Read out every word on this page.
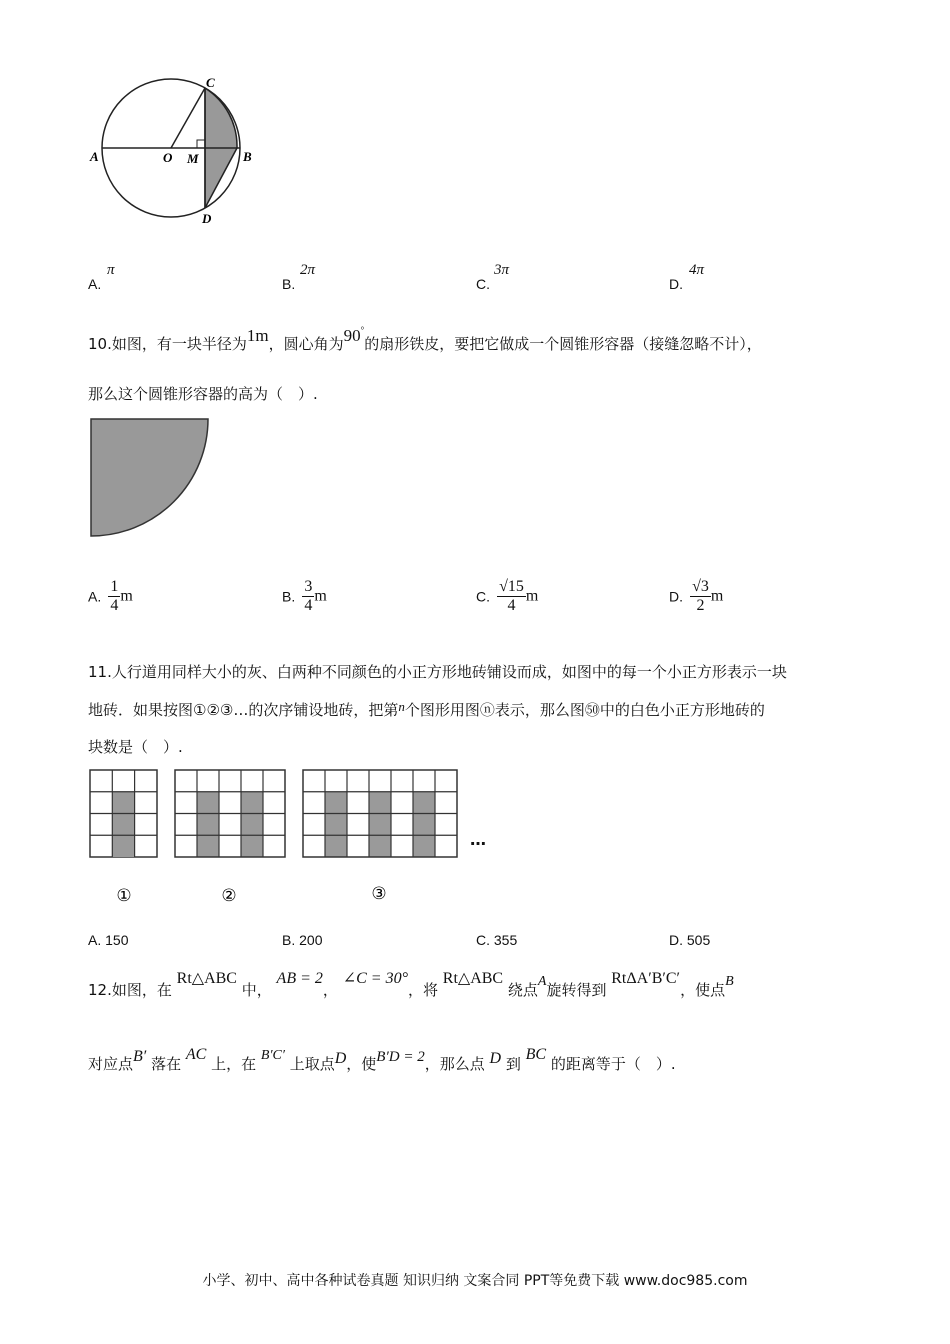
A	O M	B
C
D
A.
π
B.
2π
C.
3π
D.
4π
10.如图，有一块半径为1m，圆心角为90°的扇形铁皮，要把它做成一个圆锥形容器（接缝忽略不计），
那么这个圆锥形容器的高为（　）.
A. $\frac{1}{4}$ m	B. $\frac{3}{4}$ m	C. $\frac{√15}{4}$ m	D. $\frac{√3}{2}$ m
11.人行道用同样大小的灰、白两种不同颜色的小正方形地砖铺设而成，如图中的每一个小正方形表示一块
地砖．如果按图①②③…的次序铺设地砖，把第n个图形用图ⓝ表示，那么图㊿中的白色小正方形地砖的
块数是（　）.
①	②	③
…
A. 150	B. 200	C. 355	D. 505
12.如图，在 Rt△ABC 中， AB = 2， ∠C = 30°，将 Rt△ABC 绕点A旋转得到 RtΔA′B′C′，使点B
对应点B′ 落在 AC 上，在 B′C′ 上取点D，使B′D = 2，那么点 D 到 BC 的距离等于（　）.
小学、初中、高中各种试卷真题 知识归纳 文案合同 PPT等免费下载 www.doc985.com
